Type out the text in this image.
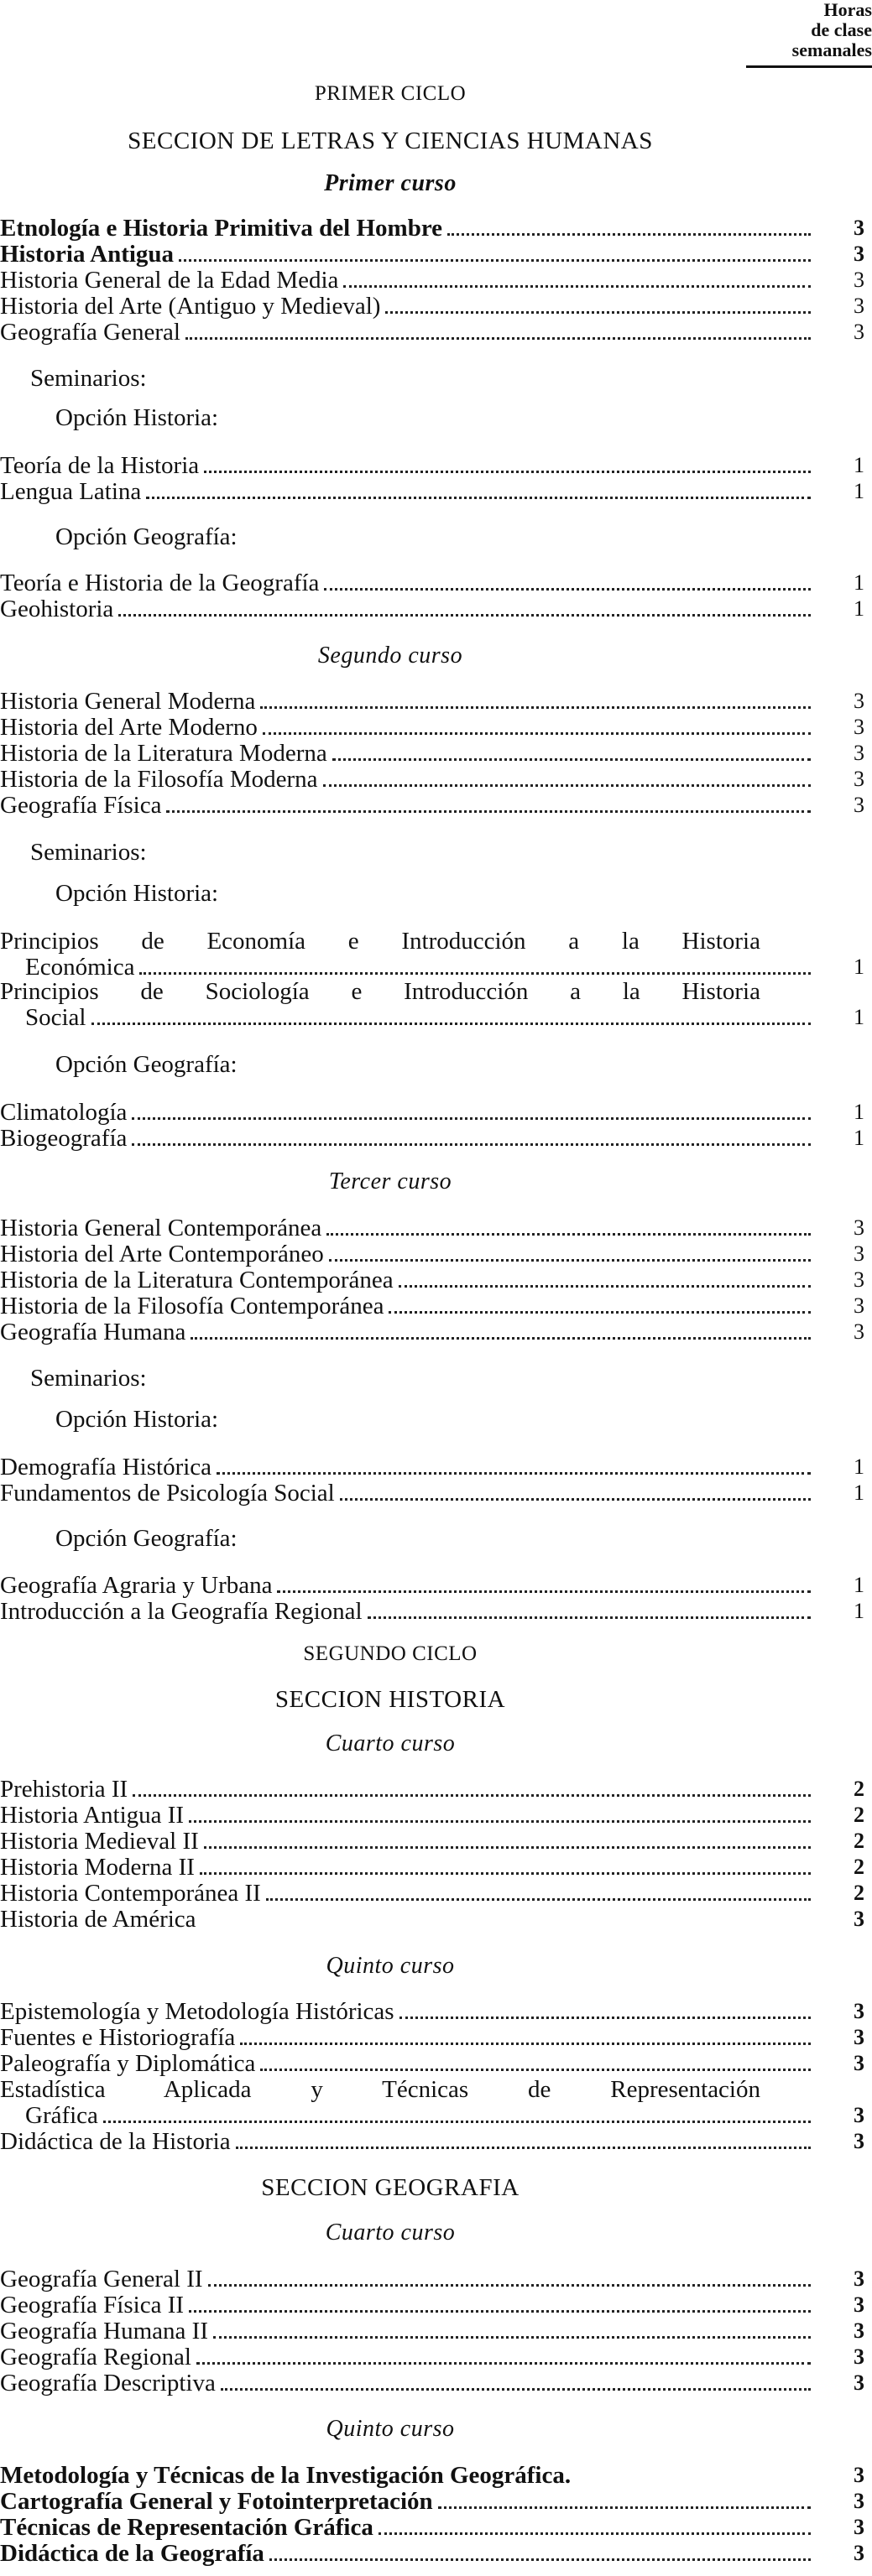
Horas
de clase
semanales
PRIMER CICLO
SECCION DE LETRAS Y CIENCIAS HUMANAS
Primer curso
Etnología e Historia Primitiva del Hombre	3
Historia Antigua	3
Historia General de la Edad Media	3
Historia del Arte (Antiguo y Medieval)	3
Geografía General	3
Seminarios:
Opción Historia:
Teoría de la Historia	1
Lengua Latina	1
Opción Geografía:
Teoría e Historia de la Geografía	1
Geohistoria	1
Segundo curso
Historia General Moderna	3
Historia del Arte Moderno	3
Historia de la Literatura Moderna	3
Historia de la Filosofía Moderna	3
Geografía Física	3
Seminarios:
Opción Historia:
Principios de Economía e Introducción a la Historia
Económica	1
Principios de Sociología e Introducción a la Historia
Social	1
Opción Geografía:
Climatología	1
Biogeografía	1
Tercer curso
Historia General Contemporánea	3
Historia del Arte Contemporáneo	3
Historia de la Literatura Contemporánea	3
Historia de la Filosofía Contemporánea	3
Geografía Humana	3
Seminarios:
Opción Historia:
Demografía Histórica	1
Fundamentos de Psicología Social	1
Opción Geografía:
Geografía Agraria y Urbana	1
Introducción a la Geografía Regional	1
SEGUNDO CICLO
SECCION HISTORIA
Cuarto curso
Prehistoria II	2
Historia Antigua II	2
Historia Medieval II	2
Historia Moderna II	2
Historia Contemporánea II	2
Historia de América	3
Quinto curso
Epistemología y Metodología Históricas	3
Fuentes e Historiografía	3
Paleografía y Diplomática	3
Estadística Aplicada y Técnicas de Representación
Gráfica	3
Didáctica de la Historia	3
SECCION GEOGRAFIA
Cuarto curso
Geografía General II	3
Geografía Física II	3
Geografía Humana II	3
Geografía Regional	3
Geografía Descriptiva	3
Quinto curso
Metodología y Técnicas de la Investigación Geográfica.	3
Cartografía General y Fotointerpretación	3
Técnicas de Representación Gráfica	3
Didáctica de la Geografía	3
